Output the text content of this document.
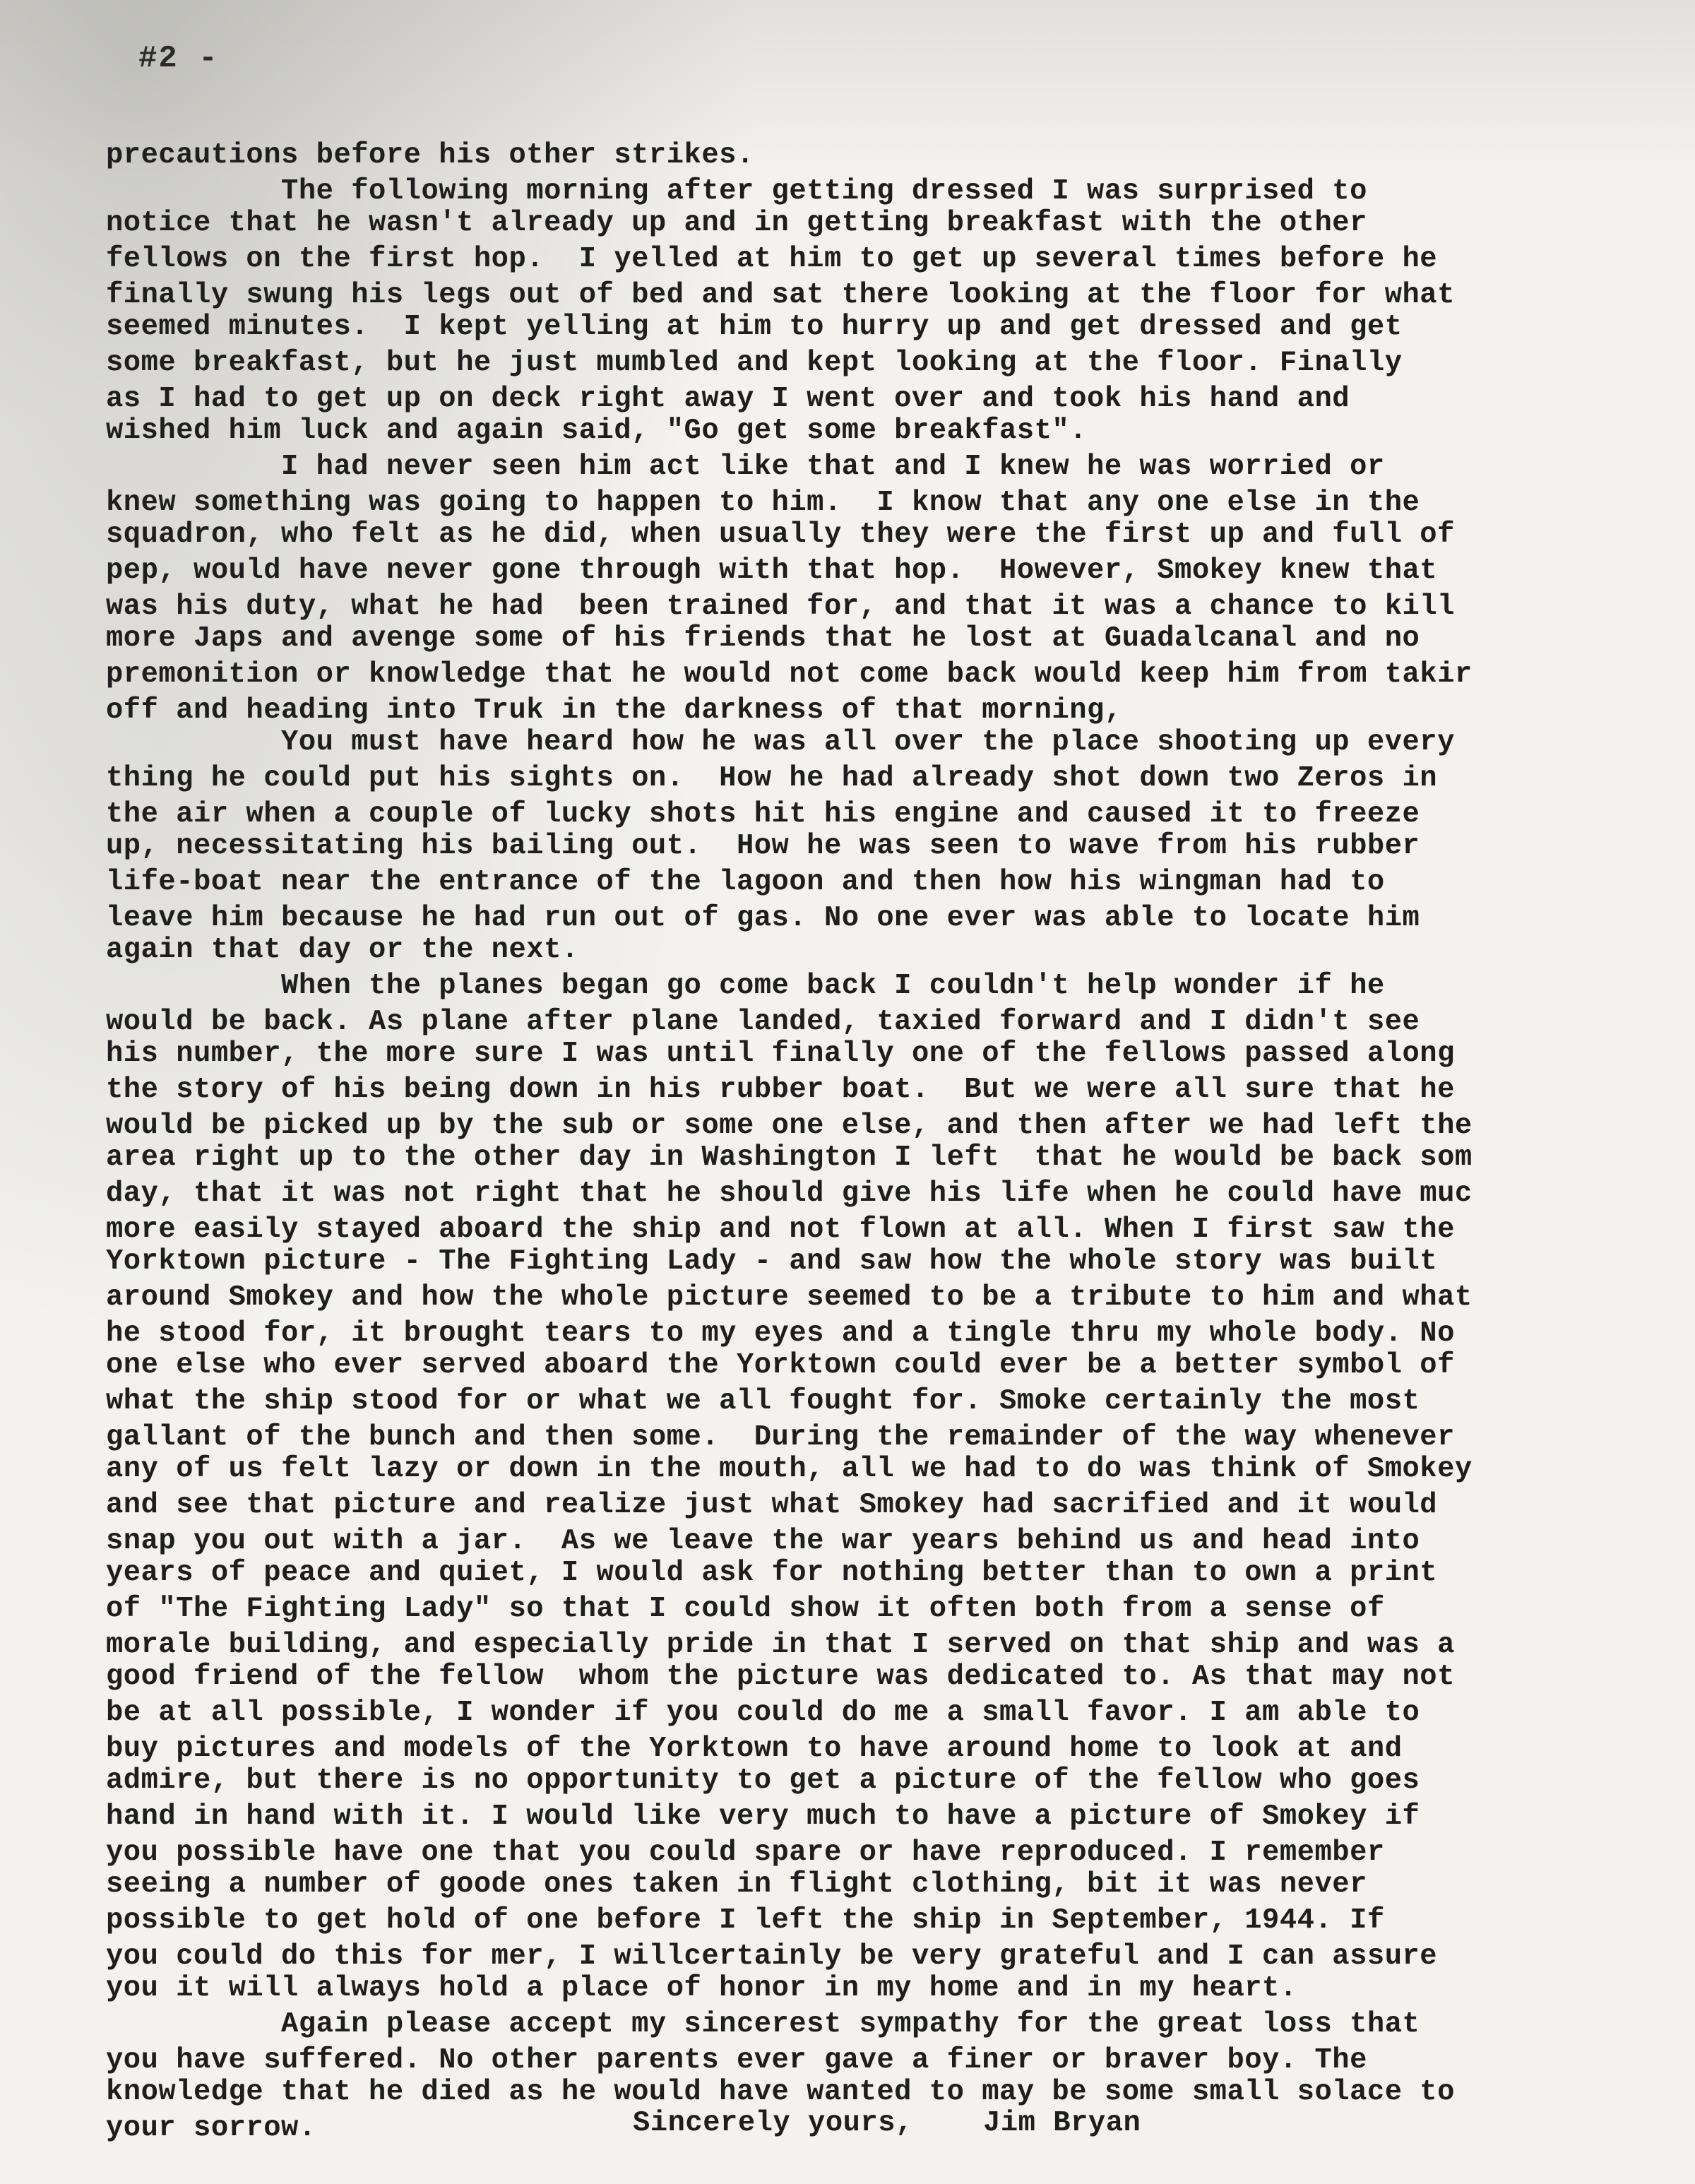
#2 -
precautions before his other strikes.
The following morning after getting dressed I was surprised to
notice that he wasn't already up and in getting breakfast with the other
fellows on the first hop.  I yelled at him to get up several times before he
finally swung his legs out of bed and sat there looking at the floor for what
seemed minutes.  I kept yelling at him to hurry up and get dressed and get
some breakfast, but he just mumbled and kept looking at the floor. Finally
as I had to get up on deck right away I went over and took his hand and
wished him luck and again said, "Go get some breakfast".
I had never seen him act like that and I knew he was worried or
knew something was going to happen to him.  I know that any one else in the
squadron, who felt as he did, when usually they were the first up and full of
pep, would have never gone through with that hop.  However, Smokey knew that
was his duty, what he had  been trained for, and that it was a chance to kill
more Japs and avenge some of his friends that he lost at Guadalcanal and no
premonition or knowledge that he would not come back would keep him from takir
off and heading into Truk in the darkness of that morning,
You must have heard how he was all over the place shooting up every
thing he could put his sights on.  How he had already shot down two Zeros in
the air when a couple of lucky shots hit his engine and caused it to freeze
up, necessitating his bailing out.  How he was seen to wave from his rubber
life-boat near the entrance of the lagoon and then how his wingman had to
leave him because he had run out of gas. No one ever was able to locate him
again that day or the next.
When the planes began go come back I couldn't help wonder if he
would be back. As plane after plane landed, taxied forward and I didn't see
his number, the more sure I was until finally one of the fellows passed along
the story of his being down in his rubber boat.  But we were all sure that he
would be picked up by the sub or some one else, and then after we had left the
area right up to the other day in Washington I left  that he would be back som
day, that it was not right that he should give his life when he could have muc
more easily stayed aboard the ship and not flown at all. When I first saw the
Yorktown picture - The Fighting Lady - and saw how the whole story was built
around Smokey and how the whole picture seemed to be a tribute to him and what
he stood for, it brought tears to my eyes and a tingle thru my whole body. No
one else who ever served aboard the Yorktown could ever be a better symbol of
what the ship stood for or what we all fought for. Smoke certainly the most
gallant of the bunch and then some.  During the remainder of the way whenever
any of us felt lazy or down in the mouth, all we had to do was think of Smokey
and see that picture and realize just what Smokey had sacrified and it would
snap you out with a jar.  As we leave the war years behind us and head into
years of peace and quiet, I would ask for nothing better than to own a print
of "The Fighting Lady" so that I could show it often both from a sense of
morale building, and especially pride in that I served on that ship and was a
good friend of the fellow  whom the picture was dedicated to. As that may not
be at all possible, I wonder if you could do me a small favor. I am able to
buy pictures and models of the Yorktown to have around home to look at and
admire, but there is no opportunity to get a picture of the fellow who goes
hand in hand with it. I would like very much to have a picture of Smokey if
you possible have one that you could spare or have reproduced. I remember
seeing a number of goode ones taken in flight clothing, bit it was never
possible to get hold of one before I left the ship in September, 1944. If
you could do this for mer, I willcertainly be very grateful and I can assure
you it will always hold a place of honor in my home and in my heart.
Again please accept my sincerest sympathy for the great loss that
you have suffered. No other parents ever gave a finer or braver boy. The
knowledge that he died as he would have wanted to may be some small solace to
your sorrow.	Sincerely yours,    Jim Bryan
